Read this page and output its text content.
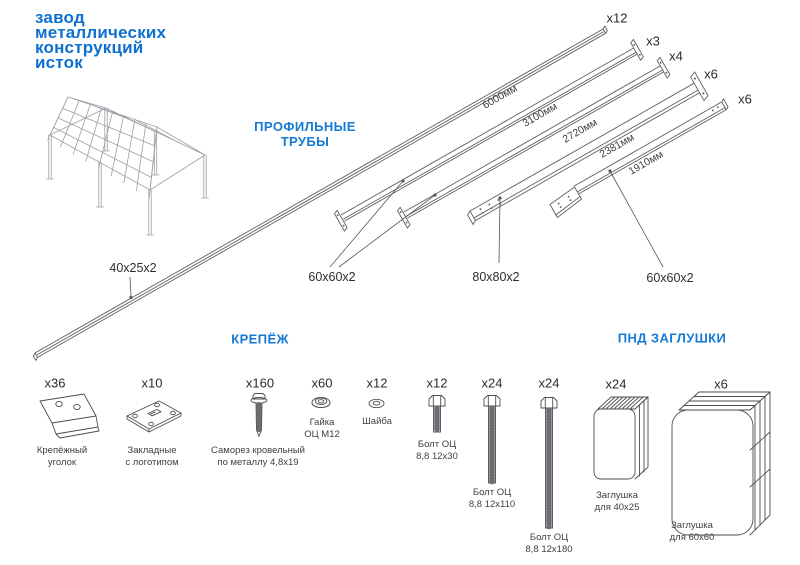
завод
металлических
конструкций
исток
ПРОФИЛЬНЫЕ
ТРУБЫ
КРЕПЁЖ	ПНД ЗАГЛУШКИ
x12
x3
x4
x6
x6
6000мм
3100мм
2720мм
2381мм
1910мм
40x25x2
60x60x2	80x80x2	60x60x2
x36	x10	x160	x60	x12	x12	x24	x24
Крепёжный
уголок
Закладные
с логотипом
Саморез кровельный
по металлу 4,8x19
Гайка
ОЦ М12
Шайба
Болт ОЦ
8,8 12x30
Болт ОЦ
8,8 12x110
Болт ОЦ
8,8 12x180
x24	x6
Заглушка
для 40x25
Заглушка
для 60x60
